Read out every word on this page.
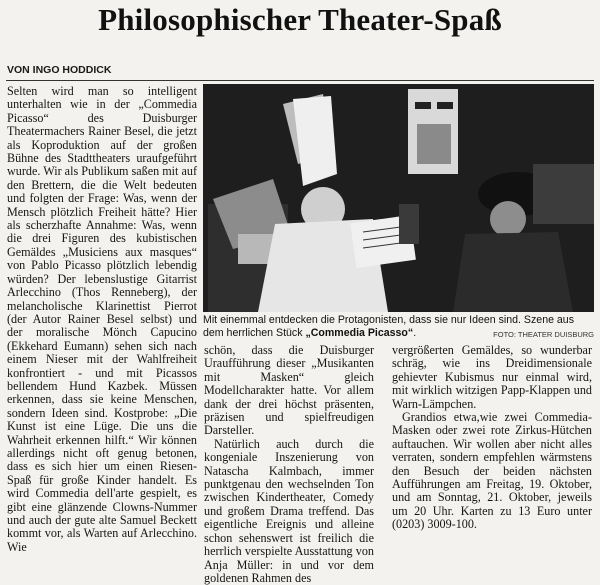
Philosophischer Theater-Spaß
VON INGO HODDICK

Selten wird man so intelligent unterhalten wie in der „Commedia Picasso“ des Duisburger Theatermachers Rainer Besel, die jetzt als Koproduktion auf der großen Bühne des Stadttheaters uraufgeführt wurde. Wir als Publikum saßen mit auf den Brettern, die die Welt bedeuten und folgten der Frage: Was, wenn der Mensch plötzlich Freiheit hätte? Hier als scherzhafte Annahme: Was, wenn die drei Figuren des kubistischen Gemäldes „Musiciens aux masques“ von Pablo Picasso plötzlich lebendig würden? Der lebenslustige Gitarrist Arlecchino (Thos Renneberg), der melancholische Klarinettist Pierrot (der Autor Rainer Besel selbst) und der moralische Mönch Capucino (Ekkehard Eumann) sehen sich nach einem Nieser mit der Wahlfreiheit konfrontiert - und mit Picassos bellendem Hund Kazbek. Müssen erkennen, dass sie keine Menschen, sondern Ideen sind. Kostprobe: „Die Kunst ist eine Lüge. Die uns die Wahrheit erkennen hilft.“ Wir können allerdings nicht oft genug betonen, dass es sich hier um einen Riesen-Spaß für große Kinder handelt. Es wird Commedia dell'arte gespielt, es gibt eine glänzende Clowns-Nummer und auch der gute alte Samuel Beckett kommt vor, als Warten auf Arlecchino. Wie

Mit einemmal entdecken die Protagonisten, dass sie nur Ideen sind. Szene aus dem herrlichen Stück „Commedia Picasso“.	FOTO: THEATER DUISBURG

schön, dass die Duisburger Uraufführung dieser „Musikanten mit Masken“ gleich Modellcharakter hatte. Vor allem dank der drei höchst präsenten, präzisen und spielfreudigen Darsteller.

Natürlich auch durch die kongeniale Inszenierung von Natascha Kalmbach, immer punktgenau den wechselnden Ton zwischen Kindertheater, Comedy und großem Drama treffend. Das eigentliche Ereignis und alleine schon sehenswert ist freilich die herrlich verspielte Ausstattung von Anja Müller: in und vor dem goldenen Rahmen des

vergrößerten Gemäldes, so wunderbar schräg, wie ins Dreidimensionale gehievter Kubismus nur einmal wird, mit wirklich witzigen Papp-Klappen und Warn-Lämpchen.

Grandios etwa,wie zwei Commedia-Masken oder zwei rote Zirkus-Hütchen auftauchen. Wir wollen aber nicht alles verraten, sondern empfehlen wärmstens den Besuch der beiden nächsten Aufführungen am Freitag, 19. Oktober, und am Sonntag, 21. Oktober, jeweils um 20 Uhr. Karten zu 13 Euro unter (0203) 3009-100.
